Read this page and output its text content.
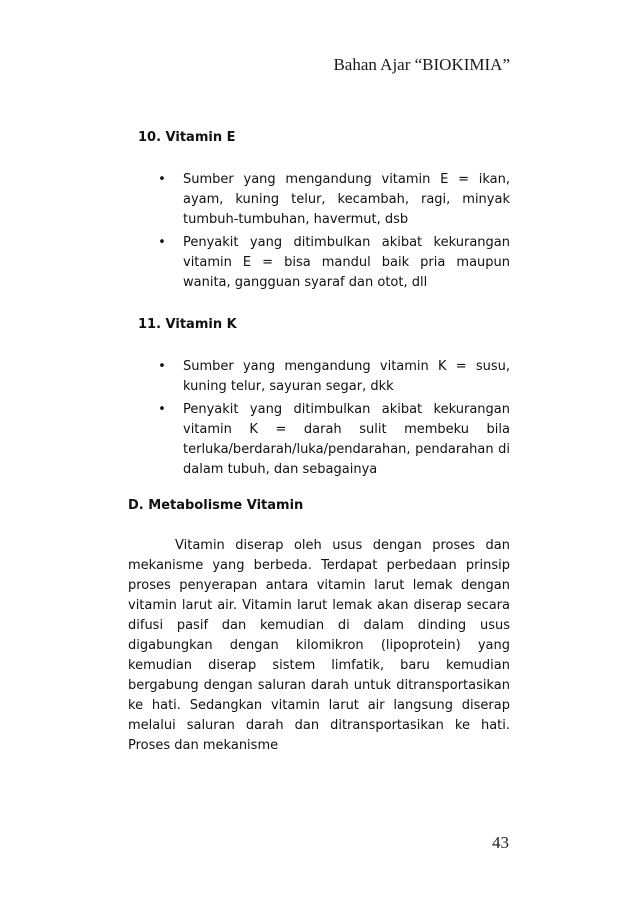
Bahan Ajar “BIOKIMIA”
10. Vitamin E
• Sumber yang mengandung vitamin E = ikan, ayam, kuning telur, kecambah, ragi, minyak tumbuh-tumbuhan, havermut, dsb
• Penyakit yang ditimbulkan akibat kekurangan vitamin E = bisa mandul baik pria maupun wanita, gangguan syaraf dan otot, dll
11. Vitamin K
• Sumber yang mengandung vitamin K = susu, kuning telur, sayuran segar, dkk
• Penyakit yang ditimbulkan akibat kekurangan vitamin K = darah sulit membeku bila terluka/berdarah/luka/pendarahan, pendarahan di dalam tubuh, dan sebagainya
D. Metabolisme Vitamin

Vitamin diserap oleh usus dengan proses dan mekanisme yang berbeda. Terdapat perbedaan prinsip proses penyerapan antara vitamin larut lemak dengan vitamin larut air. Vitamin larut lemak akan diserap secara difusi pasif dan kemudian di dalam dinding usus digabungkan dengan kilomikron (lipoprotein) yang kemudian diserap sistem limfatik, baru kemudian bergabung dengan saluran darah untuk ditransportasikan ke hati. Sedangkan vitamin larut air langsung diserap melalui saluran darah dan ditransportasikan ke hati. Proses dan mekanisme

43
